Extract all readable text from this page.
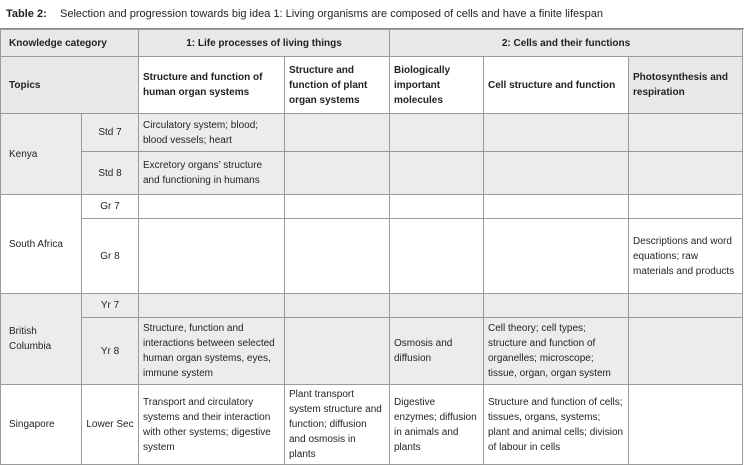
Table 2: Selection and progression towards big idea 1: Living organisms are composed of cells and have a finite lifespan
Knowledge category		1: Life processes of living things		2: Cells and their functions		
Topics		Structure and function of human organ systems	Structure and function of plant organ systems	Biologically important molecules	Cell structure and function	Photosynthesis and respiration
Kenya	Std 7	Circulatory system; blood; blood vessels; heart				
	Std 8	Excretory organs’ structure and functioning in humans				
South Africa	Gr 7					
	Gr 8					Descriptions and word equations; raw materials and products
British Columbia	Yr 7					
	Yr 8	Structure, function and interactions between selected human organ systems, eyes, immune system		Osmosis and diffusion	Cell theory; cell types; structure and function of organelles; microscope; tissue, organ, organ system	
Singapore	Lower Sec	Transport and circulatory systems and their interaction with other systems; digestive system	Plant transport system structure and function; diffusion and osmosis in plants	Digestive enzymes; diffusion in animals and plants	Structure and function of cells; tissues, organs, systems; plant and animal cells; division of labour in cells	
